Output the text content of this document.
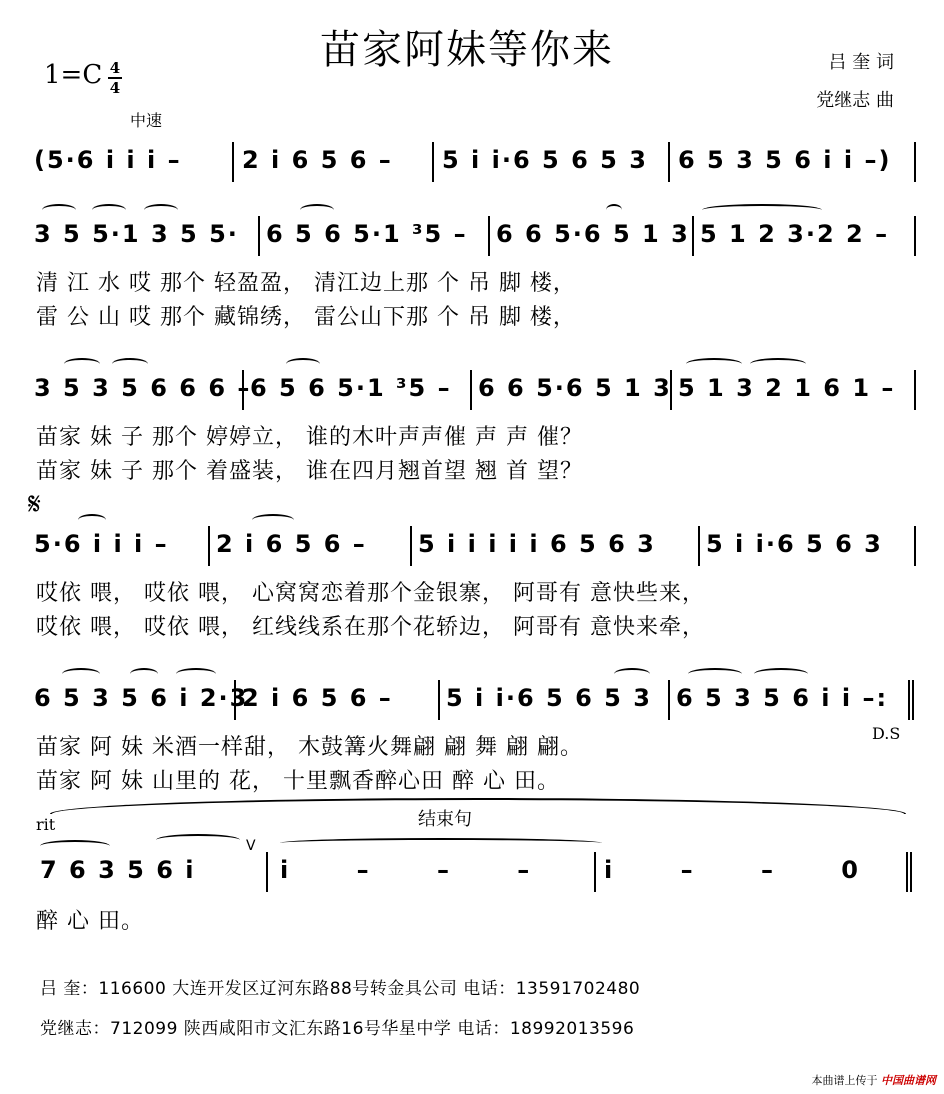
苗家阿妹等你来	吕 奎 词
党继志 曲
1=C 4
4
中速
(5·6 i i i –	2 i 6 5 6 – 5 i i·6 5 6 5 3 6 5 3 5 6 i i –)
3 5 5·1 3 5 5· 6 5 6 5·1 ³5 – 6 6 5·6 5 1 3 5 1 2 3·2 2 –
清 江 水 哎 那个 轻盈盈， 清江边上那 个 吊 脚 楼，
雷 公 山 哎 那个 藏锦绣， 雷公山下那 个 吊 脚 楼，
3 5 3 5 6 6 6 –
6 5 6 5·1 ³5 – 6 6 5·6 5 1 3 5 1 3 2 1 6 1 –
苗家 妹 子 那个 婷婷立， 谁的木叶声声催 声 声 催？
苗家 妹 子 那个 着盛装， 谁在四月翘首望 翘 首 望？
𝄋
5·6 i i i – 2 i 6 5 6 – 5 i i i i i 6 5 6 3 5 i i·6 5 6 3
哎依 喂， 哎依 喂， 心窝窝恋着那个金银寨， 阿哥有 意快些来，
哎依 喂， 哎依 喂， 红线线系在那个花轿边， 阿哥有 意快来牵，
6 5 3 5 6 i 2·3
2 i 6 5 6 – 5 i i·6 5 6 5 3 6 5 3 5 6 i i –:
苗家 阿 妹 米酒一样甜， 木鼓篝火舞翩 翩 舞 翩 翩。
D.S
苗家 阿 妹 山里的 花， 十里飘香醉心田 醉 心 田。
结束句
rit
7 6 3 5 6 i
V
i – – – i – – 0
醉 心 田。
吕 奎：116600 大连开发区辽河东路88号转金具公司 电话：13591702480
党继志：712099 陕西咸阳市文汇东路16号华星中学 电话：18992013596
本曲谱上传于 中国曲谱网
